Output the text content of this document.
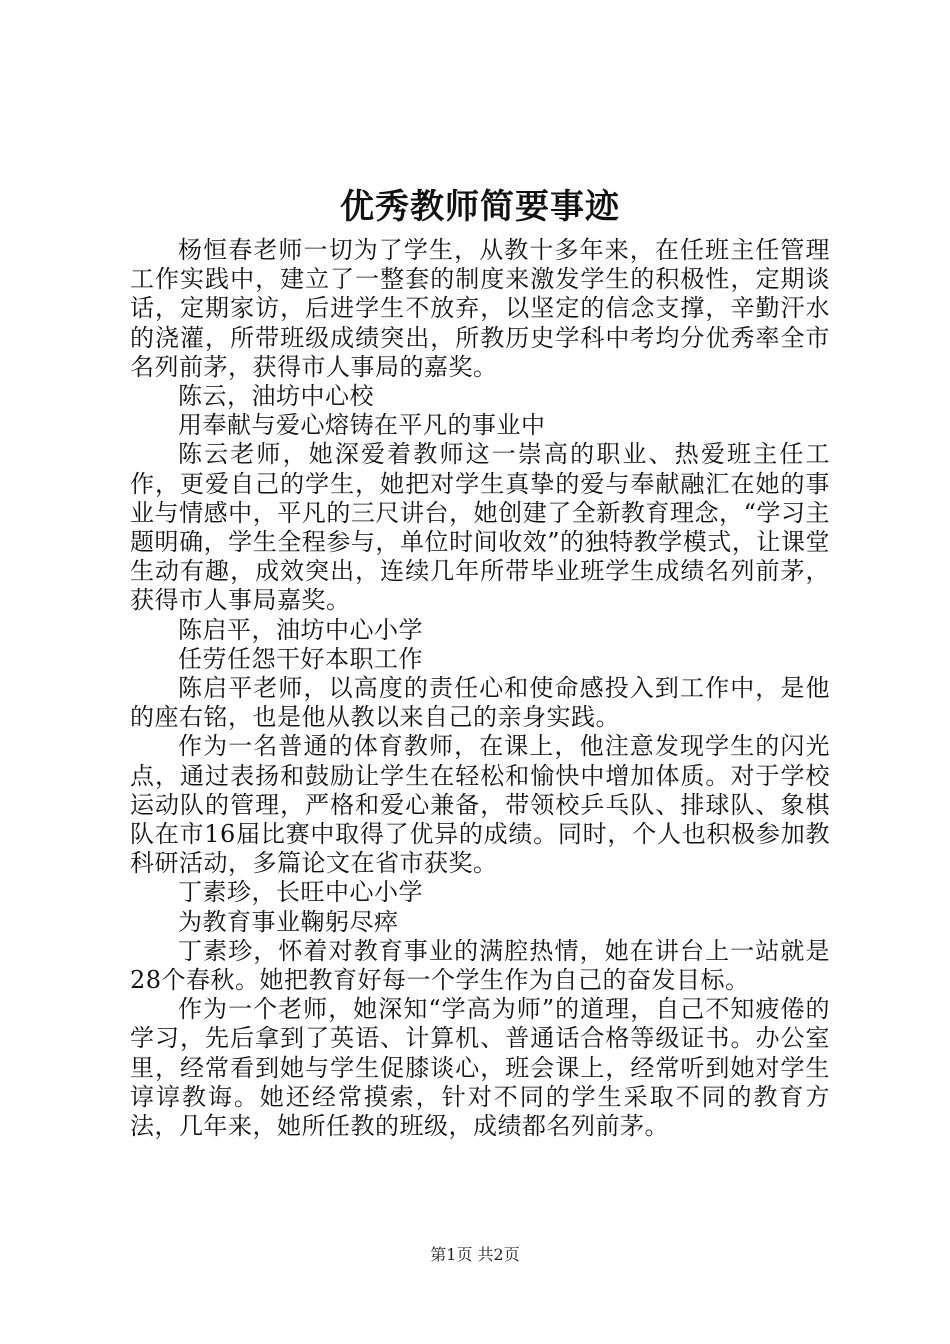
优秀教师简要事迹

杨恒春老师一切为了学生，从教十多年来，在任班主任管理工作实践中，建立了一整套的制度来激发学生的积极性，定期谈话，定期家访，后进学生不放弃，以坚定的信念支撑，辛勤汗水的浇灌，所带班级成绩突出，所教历史学科中考均分优秀率全市名列前茅，获得市人事局的嘉奖。

陈云，油坊中心校

用奉献与爱心熔铸在平凡的事业中

陈云老师，她深爱着教师这一崇高的职业、热爱班主任工作，更爱自己的学生，她把对学生真挚的爱与奉献融汇在她的事业与情感中，平凡的三尺讲台，她创建了全新教育理念，“学习主题明确，学生全程参与，单位时间收效”的独特教学模式，让课堂生动有趣，成效突出，连续几年所带毕业班学生成绩名列前茅，获得市人事局嘉奖。

陈启平，油坊中心小学

任劳任怨干好本职工作

陈启平老师，以高度的责任心和使命感投入到工作中，是他的座右铭，也是他从教以来自己的亲身实践。

作为一名普通的体育教师，在课上，他注意发现学生的闪光点，通过表扬和鼓励让学生在轻松和愉快中增加体质。对于学校运动队的管理，严格和爱心兼备，带领校乒乓队、排球队、象棋队在市16届比赛中取得了优异的成绩。同时，个人也积极参加教科研活动，多篇论文在省市获奖。

丁素珍，长旺中心小学

为教育事业鞠躬尽瘁

丁素珍，怀着对教育事业的满腔热情，她在讲台上一站就是28个春秋。她把教育好每一个学生作为自己的奋发目标。

作为一个老师，她深知“学高为师”的道理，自己不知疲倦的学习，先后拿到了英语、计算机、普通话合格等级证书。办公室里，经常看到她与学生促膝谈心，班会课上，经常听到她对学生谆谆教诲。她还经常摸索，针对不同的学生采取不同的教育方法，几年来，她所任教的班级，成绩都名列前茅。

第1页 共2页
